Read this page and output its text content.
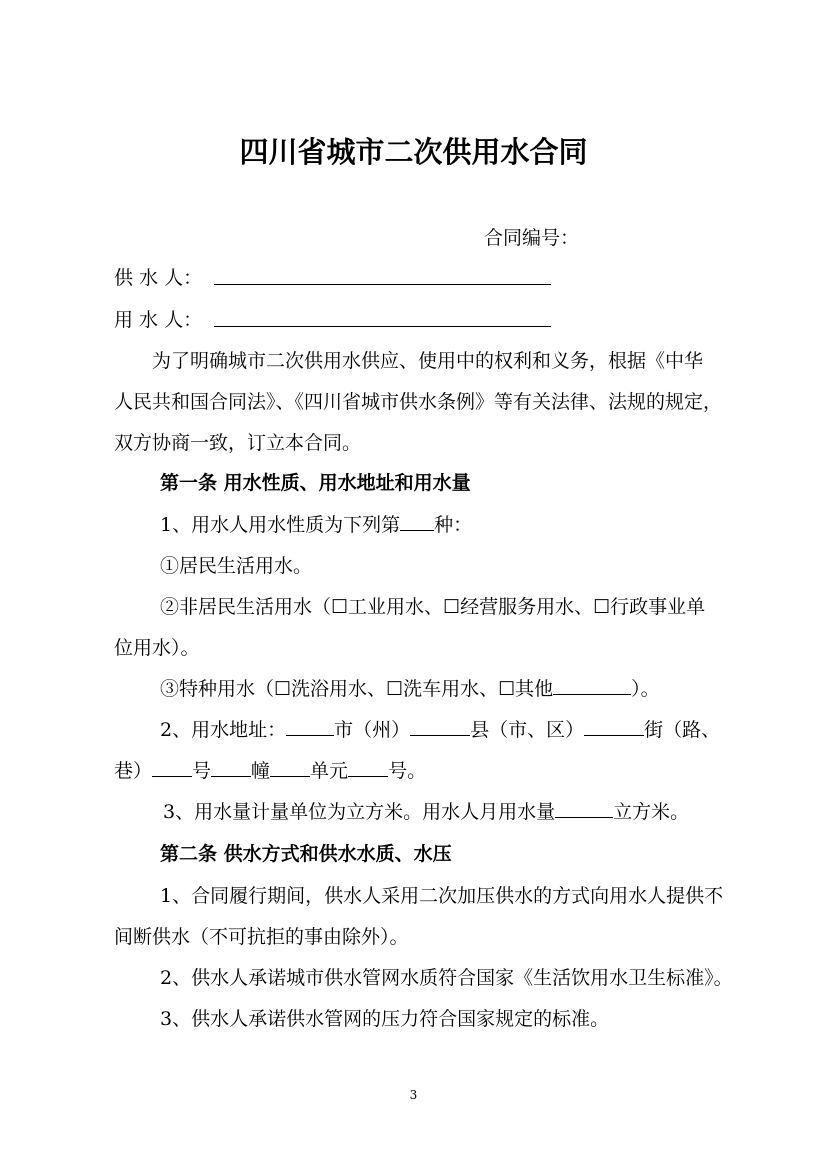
四川省城市二次供用水合同
合同编号：
供 水 人：
用 水 人：
为了明确城市二次供用水供应、使用中的权利和义务，根据《中华
人民共和国合同法》、《四川省城市供水条例》等有关法律、法规的规定，
双方协商一致，订立本合同。
第一条 用水性质、用水地址和用水量
1、用水人用水性质为下列第 种：
①居民生活用水。
②非居民生活用水（☐工业用水、☐经营服务用水、☐行政事业单
位用水）。
③特种用水（☐洗浴用水、☐洗车用水、☐其他	）。
2、用水地址：	市（州）	县（市、区）	街（路、
巷） 号 幢 单元 号。
3、用水量计量单位为立方米。用水人月用水量	立方米。
第二条 供水方式和供水水质、水压
1、合同履行期间，供水人采用二次加压供水的方式向用水人提供不
间断供水（不可抗拒的事由除外）。
2、供水人承诺城市供水管网水质符合国家《生活饮用水卫生标准》。
3、供水人承诺供水管网的压力符合国家规定的标准。
3
